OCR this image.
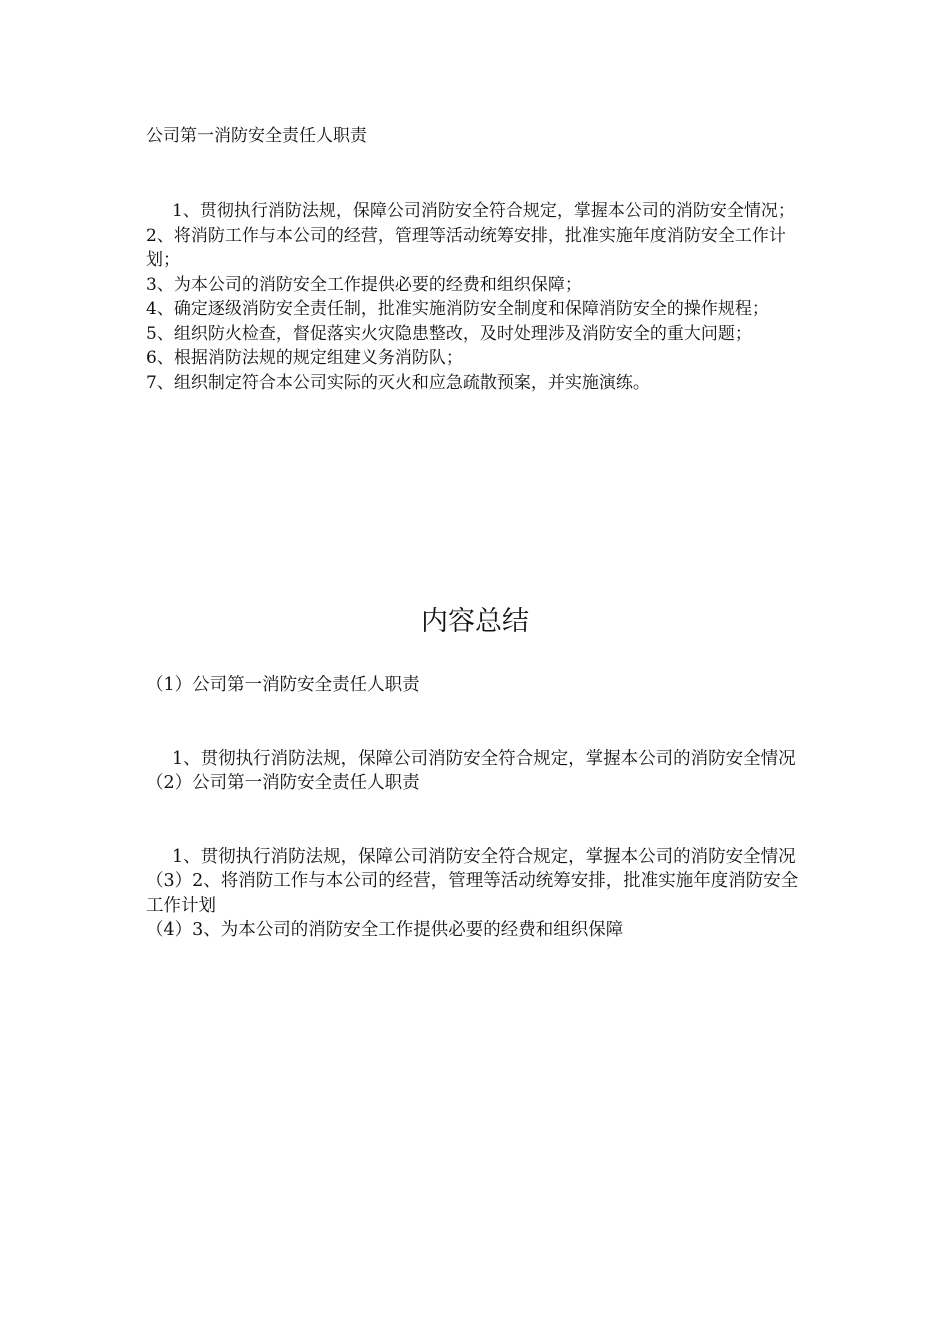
公司第一消防安全责任人职责
1、贯彻执行消防法规，保障公司消防安全符合规定，掌握本公司的消防安全情况；
2、将消防工作与本公司的经营，管理等活动统筹安排，批准实施年度消防安全工作计划；
3、为本公司的消防安全工作提供必要的经费和组织保障；
4、确定逐级消防安全责任制，批准实施消防安全制度和保障消防安全的操作规程；
5、组织防火检查，督促落实火灾隐患整改，及时处理涉及消防安全的重大问题；
6、根据消防法规的规定组建义务消防队；
7、组织制定符合本公司实际的灭火和应急疏散预案，并实施演练。
内容总结

（1）公司第一消防安全责任人职责

1、贯彻执行消防法规，保障公司消防安全符合规定，掌握本公司的消防安全情况

（2）公司第一消防安全责任人职责

1、贯彻执行消防法规，保障公司消防安全符合规定，掌握本公司的消防安全情况

（3）2、将消防工作与本公司的经营，管理等活动统筹安排，批准实施年度消防安全工作计划

（4）3、为本公司的消防安全工作提供必要的经费和组织保障
